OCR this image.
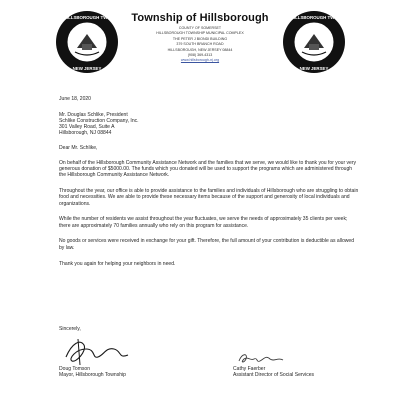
HILLSBOROUGH TWP
NEW JERSEY
Township of Hillsborough
COUNTY OF SOMERSET
HILLSBOROUGH TOWNSHIP MUNICIPAL COMPLEX
THE PETER J BIONDI BUILDING
379 SOUTH BRANCH ROAD
HILLSBOROUGH, NEW JERSEY 08844
(908) 369-4313
www.hillsborough-nj.org
HILLSBOROUGH TWP
NEW JERSEY

June 18, 2020

Mr. Douglas Schlike, President

Schlike Construction Company, Inc.

301 Valley Road, Suite A

Hillsborough, NJ 08844

Dear Mr. Schlike,

On behalf of the Hillsborough Community Assistance Network and the families that we serve, we would like to thank you for your very generous donation of $5000.00. The funds which you donated will be used to support the programs which are administered through the Hillsborough Community Assistance Network.

Throughout the year, our office is able to provide assistance to the families and individuals of Hillsborough who are struggling to obtain food and necessities. We are able to provide these necessary items because of the support and generosity of local individuals and organizations.

While the number of residents we assist throughout the year fluctuates, we serve the needs of approximately 35 clients per week; there are approximately 70 families annually who rely on this program for assistance.

No goods or services were received in exchange for your gift. Therefore, the full amount of your contribution is deductible as allowed by law.

Thank you again for helping your neighbors in need.

Sincerely,
Doug Tomson
Mayor, Hillsborough Township
Cathy Faerber
Assistant Director of Social Services
